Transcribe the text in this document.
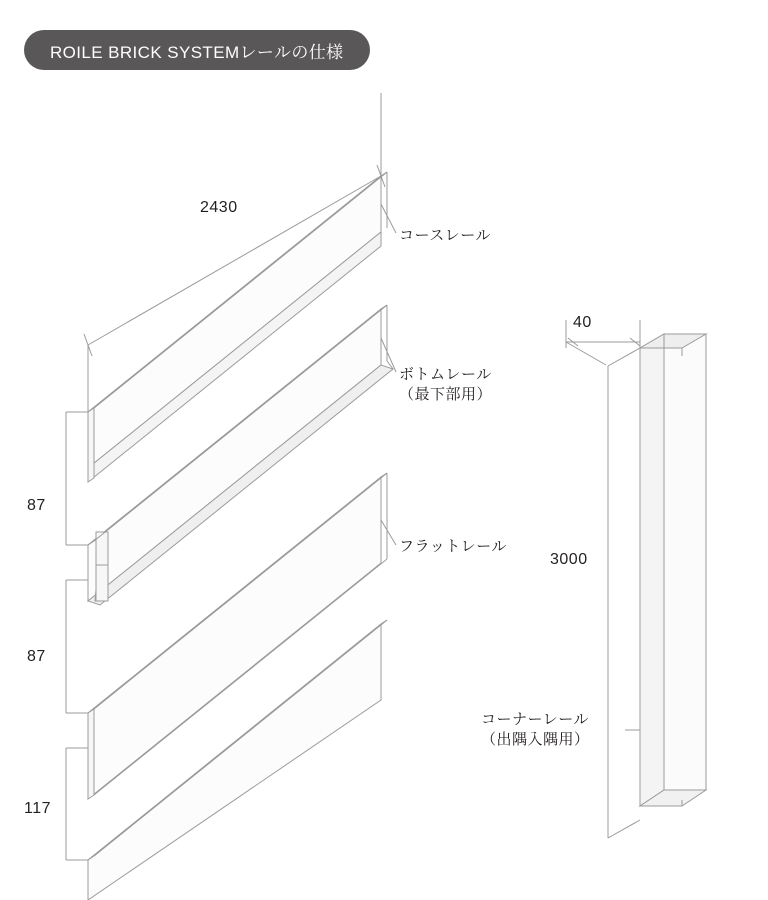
ROILE BRICK SYSTEMレールの仕様
2430
87
87
117
40
3000
コースレール
ボトムレール
（最下部用）
フラットレール
コーナーレール
（出隅入隅用）
